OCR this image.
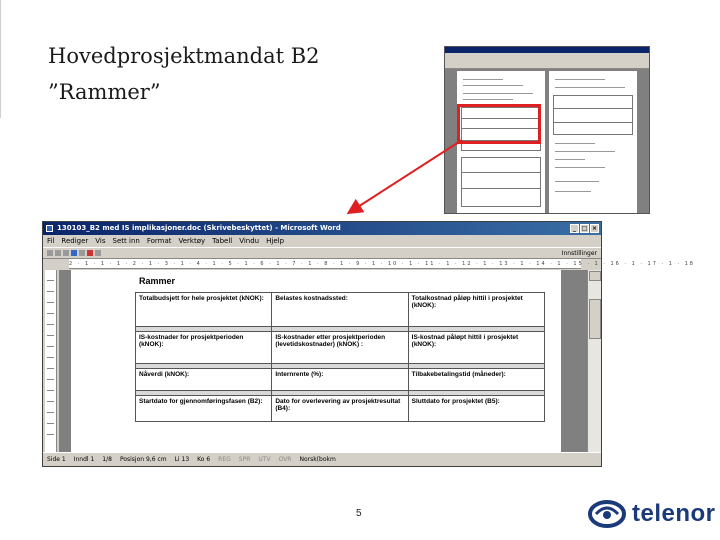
Hovedprosjektmandat B2
”Rammer”
130103_B2 med IS implikasjoner.doc (Skrivebeskyttet) - Microsoft Word	_ □ ×
Fil Rediger Vis Sett inn Format Verktøy Tabell Vindu Hjelp
Innstillinger
2 · 1 · 1 · 1 · 2 · 1 · 3 · 1 · 4 · 1 · 5 · 1 · 6 · 1 · 7 · 1 · 8 · 1 · 9 · 1 · 10 · 1 · 11 · 1 · 12 · 1 · 13 · 1 · 14 · 1 · 15 · 1 · 16 · 1 · 17 · 1 · 18
Rammer
Totalbudsjett for hele prosjektet (kNOK):	Belastes kostnadssted:	Totalkostnad påløp hittil i prosjektet (kNOK):

IS-kostnader for prosjektperioden (kNOK):	IS-kostnader etter prosjektperioden (levetidskostnader) (kNOK) :	IS-kostnad påløpt hittil i prosjektet (kNOK):

Nåverdi (kNOK):	Internrente (%):	Tilbakebetalingstid (måneder):

Startdato for gjennomføringsfasen (B2):	Dato for overlevering av prosjektresultat (B4):	Sluttdato for prosjektet (B5):
Side 1 Inndl 1 1/8 Posisjon 9,6 cm Li 13 Ko 6 REG SPR UTV OVR Norsk(bokm
5	telenor
